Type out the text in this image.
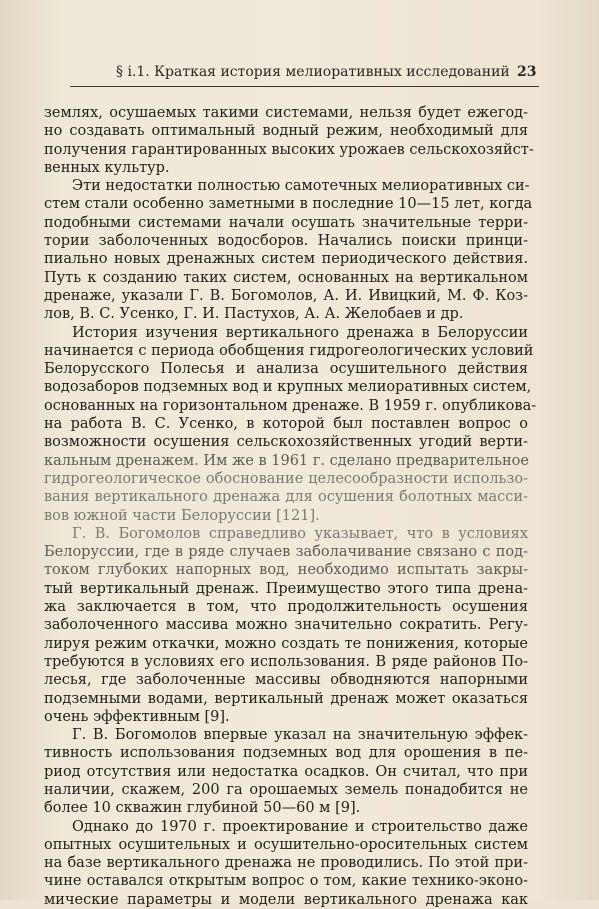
§ i.1. Краткая история мелиоративных исследований 23
землях, осушаемых такими системами, нельзя будет ежегод-
но создавать оптимальный водный режим, необходимый для
получения гарантированных высоких урожаев сельскохозяйст-
венных культур.
Эти недостатки полностью самотечных мелиоративных си-
стем стали особенно заметными в последние 10—15 лет, когда
подобными системами начали осушать значительные терри-
тории заболоченных водосборов. Начались поиски принци-
пиально новых дренажных систем периодического действия.
Путь к созданию таких систем, основанных на вертикальном
дренаже, указали Г. В. Богомолов, А. И. Ивицкий, М. Ф. Коз-
лов, В. С. Усенко, Г. И. Пастухов, А. А. Желобаев и др.
История изучения вертикального дренажа в Белоруссии
начинается с периода обобщения гидрогеологических условий
Белорусского Полесья и анализа осушительного действия
водозаборов подземных вод и крупных мелиоративных систем,
основанных на горизонтальном дренаже. В 1959 г. опубликова-
на работа В. С. Усенко, в которой был поставлен вопрос о
возможности осушения сельскохозяйственных угодий верти-
кальным дренажем. Им же в 1961 г. сделано предварительное
гидрогеологическое обоснование целесообразности использо-
вания вертикального дренажа для осушения болотных масси-
вов южной части Белоруссии [121].
Г. В. Богомолов справедливо указывает, что в условиях
Белоруссии, где в ряде случаев заболачивание связано с под-
током глубоких напорных вод, необходимо испытать закры-
тый вертикальный дренаж. Преимущество этого типа дрена-
жа заключается в том, что продолжительность осушения
заболоченного массива можно значительно сократить. Регу-
лируя режим откачки, можно создать те понижения, которые
требуются в условиях его использования. В ряде районов По-
лесья, где заболоченные массивы обводняются напорными
подземными водами, вертикальный дренаж может оказаться
очень эффективным [9].
Г. В. Богомолов впервые указал на значительную эффек-
тивность использования подземных вод для орошения в пе-
риод отсутствия или недостатка осадков. Он считал, что при
наличии, скажем, 200 га орошаемых земель понадобится не
более 10 скважин глубиной 50—60 м [9].
Однако до 1970 г. проектирование и строительство даже
опытных осушительных и осушительно-оросительных систем
на базе вертикального дренажа не проводились. По этой при-
чине оставался открытым вопрос о том, какие технико-эконо-
мические параметры и модели вертикального дренажа как
